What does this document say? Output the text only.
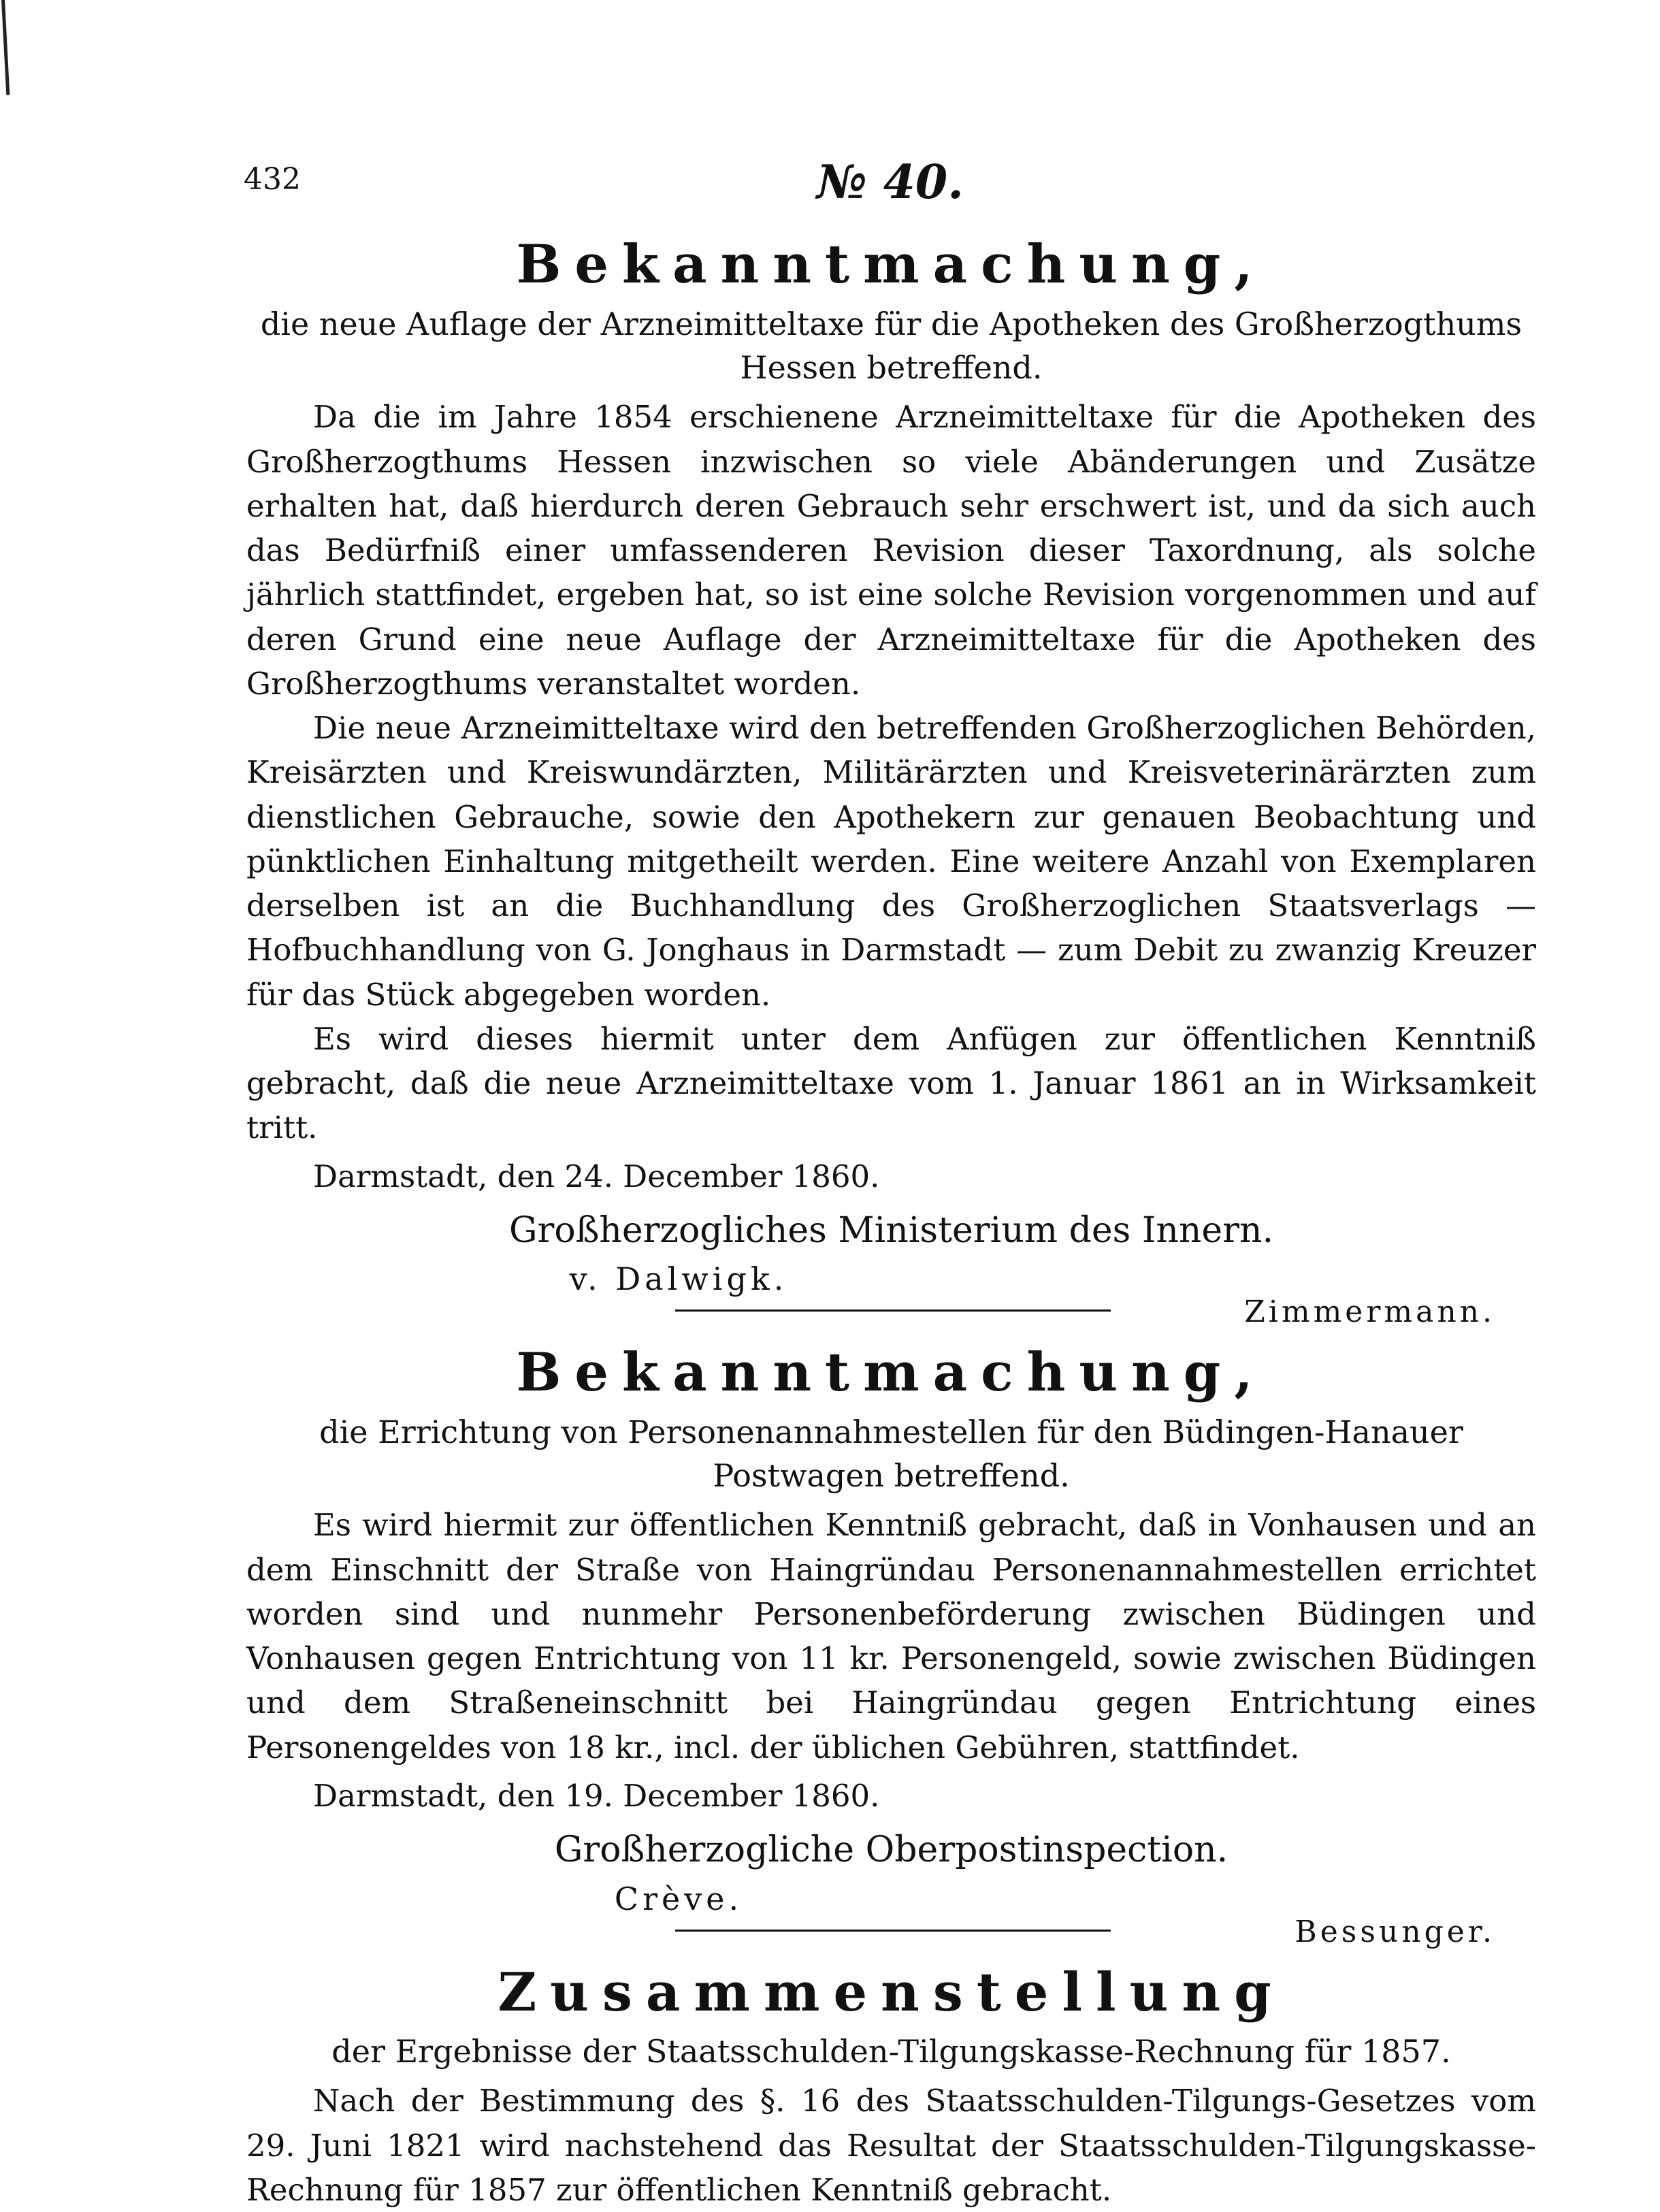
432	№ 40.
Bekanntmachung,

die neue Auflage der Arzneimitteltaxe für die Apotheken des Großherzogthums Hessen betreffend.

Da die im Jahre 1854 erschienene Arzneimitteltaxe für die Apotheken des Großherzogthums Hessen inzwischen so viele Abänderungen und Zusätze erhalten hat, daß hierdurch deren Gebrauch sehr erschwert ist, und da sich auch das Bedürfniß einer umfassenderen Revision dieser Taxordnung, als solche jährlich stattfindet, ergeben hat, so ist eine solche Revision vorgenommen und auf deren Grund eine neue Auflage der Arzneimitteltaxe für die Apotheken des Großherzogthums veranstaltet worden.

Die neue Arzneimitteltaxe wird den betreffenden Großherzoglichen Behörden, Kreisärzten und Kreiswundärzten, Militärärzten und Kreisveterinärärzten zum dienstlichen Gebrauche, sowie den Apothekern zur genauen Beobachtung und pünktlichen Einhaltung mitgetheilt werden. Eine weitere Anzahl von Exemplaren derselben ist an die Buchhandlung des Großherzoglichen Staatsverlags — Hofbuchhandlung von G. Jonghaus in Darmstadt — zum Debit zu zwanzig Kreuzer für das Stück abgegeben worden.

Es wird dieses hiermit unter dem Anfügen zur öffentlichen Kenntniß gebracht, daß die neue Arzneimitteltaxe vom 1. Januar 1861 an in Wirksamkeit tritt.

Darmstadt, den 24. December 1860.

Großherzogliches Ministerium des Innern.

v. Dalwigk.
Zimmermann.
Bekanntmachung,

die Errichtung von Personenannahmestellen für den Büdingen-Hanauer Postwagen betreffend.

Es wird hiermit zur öffentlichen Kenntniß gebracht, daß in Vonhausen und an dem Einschnitt der Straße von Haingründau Personenannahmestellen errichtet worden sind und nunmehr Personenbeförderung zwischen Büdingen und Vonhausen gegen Entrichtung von 11 kr. Personengeld, sowie zwischen Büdingen und dem Straßeneinschnitt bei Haingründau gegen Entrichtung eines Personengeldes von 18 kr., incl. der üblichen Gebühren, stattfindet.

Darmstadt, den 19. December 1860.

Großherzogliche Oberpostinspection.

Crève.
Bessunger.
Zusammenstellung

der Ergebnisse der Staatsschulden-Tilgungskasse-Rechnung für 1857.

Nach der Bestimmung des §. 16 des Staatsschulden-Tilgungs-Gesetzes vom 29. Juni 1821 wird nachstehend das Resultat der Staatsschulden-Tilgungskasse-Rechnung für 1857 zur öffentlichen Kenntniß gebracht.
